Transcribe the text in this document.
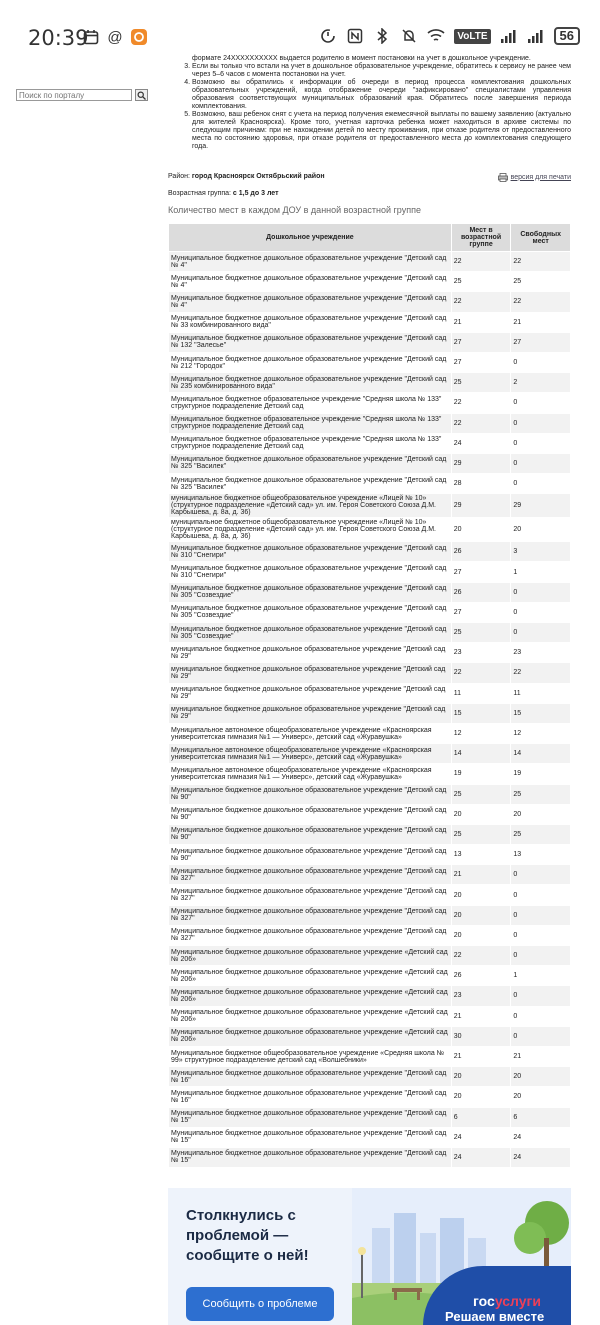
20:39 @	VoLTE	56
Поиск по порталу
формате 24XXXXXXXXXX выдается родителю в момент постановки на учет в дошкольное учреждение.
3. Если вы только что встали на учет в дошкольное образовательное учреждение, обратитесь к сервису не ранее чем через 5–6 часов с момента постановки на учет.
4. Возможно вы обратились к информации об очереди в период процесса комплектования дошкольных образовательных учреждений, когда отображение очереди "зафиксировано" специалистами управления образования соответствующих муниципальных образований края. Обратитесь после завершения периода комплектования.
5. Возможно, ваш ребенок снят с учета на период получения ежемесячной выплаты по вашему заявлению (актуально для жителей Красноярска). Кроме того, учетная карточка ребенка может находиться в архиве системы по следующим причинам: при не нахождении детей по месту проживания, при отказе родителя от предоставленного места по состоянию здоровья, при отказе родителя от предоставленного места до комплектования следующего года.
Район: город Красноярск Октябрьский район	версия для печати
Возрастная группа: с 1,5 до 3 лет
Количество мест в каждом ДОУ в данной возрастной группе
Дошкольное учреждение	Мест в возрастной группе	Свободных мест
Муниципальное бюджетное дошкольное образовательное учреждение "Детский сад № 4"	22	22
Муниципальное бюджетное дошкольное образовательное учреждение "Детский сад № 4"	25	25
Муниципальное бюджетное дошкольное образовательное учреждение "Детский сад № 4"	22	22
Муниципальное бюджетное дошкольное образовательное учреждение "Детский сад № 33 комбинированного вида"	21	21
Муниципальное бюджетное дошкольное образовательное учреждение "Детский сад № 132 "Залесье"	27	27
Муниципальное бюджетное дошкольное образовательное учреждение "Детский сад № 212 "Городок"	27	0
Муниципальное бюджетное дошкольное образовательное учреждение "Детский сад № 235 комбинированного вида"	25	2
Муниципальное бюджетное образовательное учреждение "Средняя школа № 133" структурное подразделение Детский сад	22	0
Муниципальное бюджетное образовательное учреждение "Средняя школа № 133" структурное подразделение Детский сад	22	0
Муниципальное бюджетное образовательное учреждение "Средняя школа № 133" структурное подразделение Детский сад	24	0
Муниципальное бюджетное дошкольное образовательное учреждение "Детский сад № 325 "Василек"	29	0
Муниципальное бюджетное дошкольное образовательное учреждение "Детский сад № 325 "Василек"	28	0
муниципальное бюджетное общеобразовательное учреждение «Лицей № 10» (структурное подразделение «Детский сад» ул. им. Героя Советского Союза Д.М. Карбышева, д. 8а, д. 36)	29	29
муниципальное бюджетное общеобразовательное учреждение «Лицей № 10» (структурное подразделение «Детский сад» ул. им. Героя Советского Союза Д.М. Карбышева, д. 8а, д. 36)	20	20
Муниципальное бюджетное дошкольное образовательное учреждение "Детский сад № 310 "Снегири"	26	3
Муниципальное бюджетное дошкольное образовательное учреждение "Детский сад № 310 "Снегири"	27	1
Муниципальное бюджетное дошкольное образовательное учреждение "Детский сад № 305 "Созвездие"	26	0
Муниципальное бюджетное дошкольное образовательное учреждение "Детский сад № 305 "Созвездие"	27	0
Муниципальное бюджетное дошкольное образовательное учреждение "Детский сад № 305 "Созвездие"	25	0
муниципальное бюджетное дошкольное образовательное учреждение "Детский сад № 29"	23	23
муниципальное бюджетное дошкольное образовательное учреждение "Детский сад № 29"	22	22
муниципальное бюджетное дошкольное образовательное учреждение "Детский сад № 29"	11	11
муниципальное бюджетное дошкольное образовательное учреждение "Детский сад № 29"	15	15
Муниципальное автономное общеобразовательное учреждение «Красноярская университетская гимназия №1 — Универс», детский сад «Журавушка»	12	12
Муниципальное автономное общеобразовательное учреждение «Красноярская университетская гимназия №1 — Универс», детский сад «Журавушка»	14	14
Муниципальное автономное общеобразовательное учреждение «Красноярская университетская гимназия №1 — Универс», детский сад «Журавушка»	19	19
Муниципальное бюджетное дошкольное образовательное учреждение "Детский сад № 90"	25	25
Муниципальное бюджетное дошкольное образовательное учреждение "Детский сад № 90"	20	20
Муниципальное бюджетное дошкольное образовательное учреждение "Детский сад № 90"	25	25
Муниципальное бюджетное дошкольное образовательное учреждение "Детский сад № 90"	13	13
Муниципальное бюджетное дошкольное образовательное учреждение "Детский сад № 327"	21	0
Муниципальное бюджетное дошкольное образовательное учреждение "Детский сад № 327"	20	0
Муниципальное бюджетное дошкольное образовательное учреждение "Детский сад № 327"	20	0
Муниципальное бюджетное дошкольное образовательное учреждение "Детский сад № 327"	20	0
Муниципальное бюджетное дошкольное образовательное учреждение «Детский сад № 206»	22	0
Муниципальное бюджетное дошкольное образовательное учреждение «Детский сад № 206»	26	1
Муниципальное бюджетное дошкольное образовательное учреждение «Детский сад № 206»	23	0
Муниципальное бюджетное дошкольное образовательное учреждение «Детский сад № 206»	21	0
Муниципальное бюджетное дошкольное образовательное учреждение «Детский сад № 206»	30	0
Муниципальное бюджетное общеобразовательное учреждение «Средняя школа № 99» структурное подразделение детский сад «Волшебники»	21	21
Муниципальное бюджетное дошкольное образовательное учреждение "Детский сад № 16"	20	20
Муниципальное бюджетное дошкольное образовательное учреждение "Детский сад № 16"	20	20
Муниципальное бюджетное дошкольное образовательное учреждение "Детский сад № 15"	6	6
Муниципальное бюджетное дошкольное образовательное учреждение "Детский сад № 15"	24	24
Муниципальное бюджетное дошкольное образовательное учреждение "Детский сад № 15"	24	24
Столкнулись с проблемой — сообщите о ней!
Сообщить о проблеме	госуслуги
Решаем вместе
